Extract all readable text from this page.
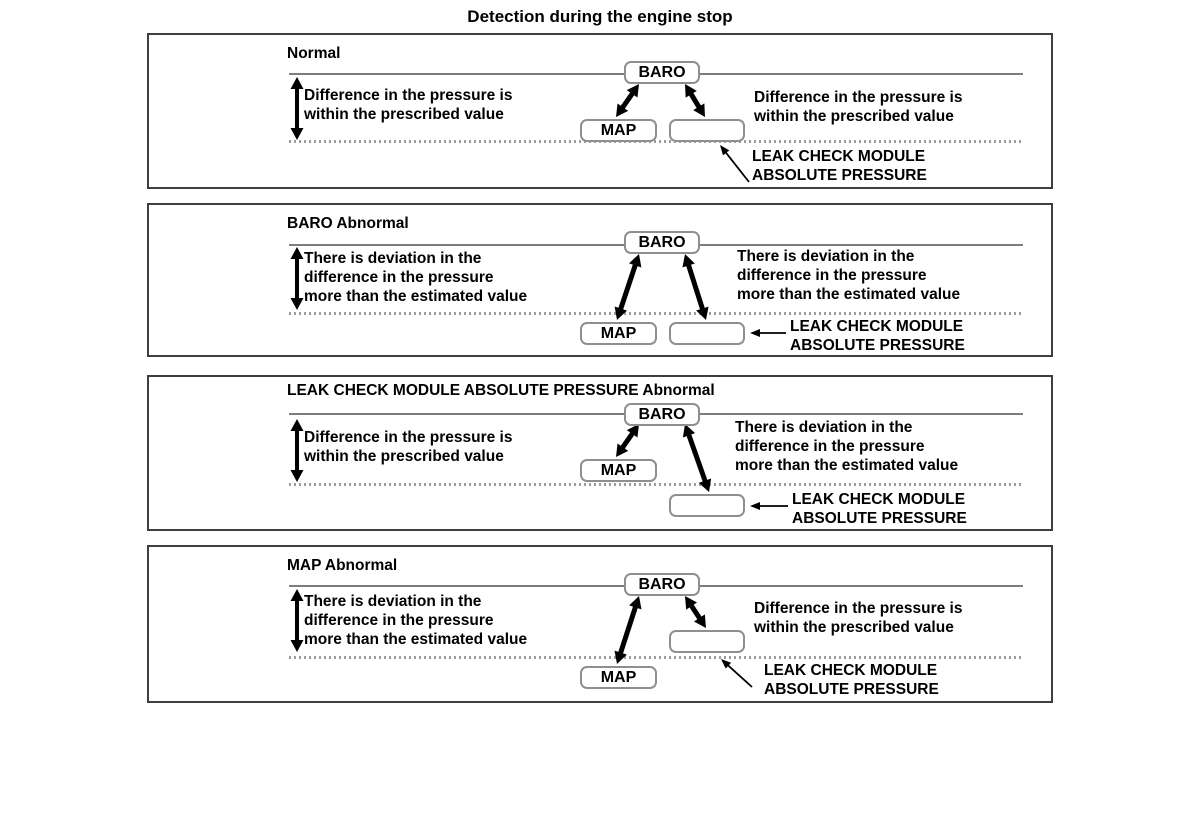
Detection during the engine stop
Normal
BARO
MAP
Difference in the pressure is
within the prescribed value
Difference in the pressure is
within the prescribed value
LEAK CHECK MODULE
ABSOLUTE PRESSURE
BARO Abnormal
BARO
MAP
There is deviation in the
difference in the pressure
more than the estimated value
There is deviation in the
difference in the pressure
more than the estimated value
LEAK CHECK MODULE
ABSOLUTE PRESSURE
LEAK CHECK MODULE ABSOLUTE PRESSURE Abnormal
BARO
MAP
Difference in the pressure is
within the prescribed value
There is deviation in the
difference in the pressure
more than the estimated value
LEAK CHECK MODULE
ABSOLUTE PRESSURE
MAP Abnormal
BARO
MAP
There is deviation in the
difference in the pressure
more than the estimated value
Difference in the pressure is
within the prescribed value
LEAK CHECK MODULE
ABSOLUTE PRESSURE
